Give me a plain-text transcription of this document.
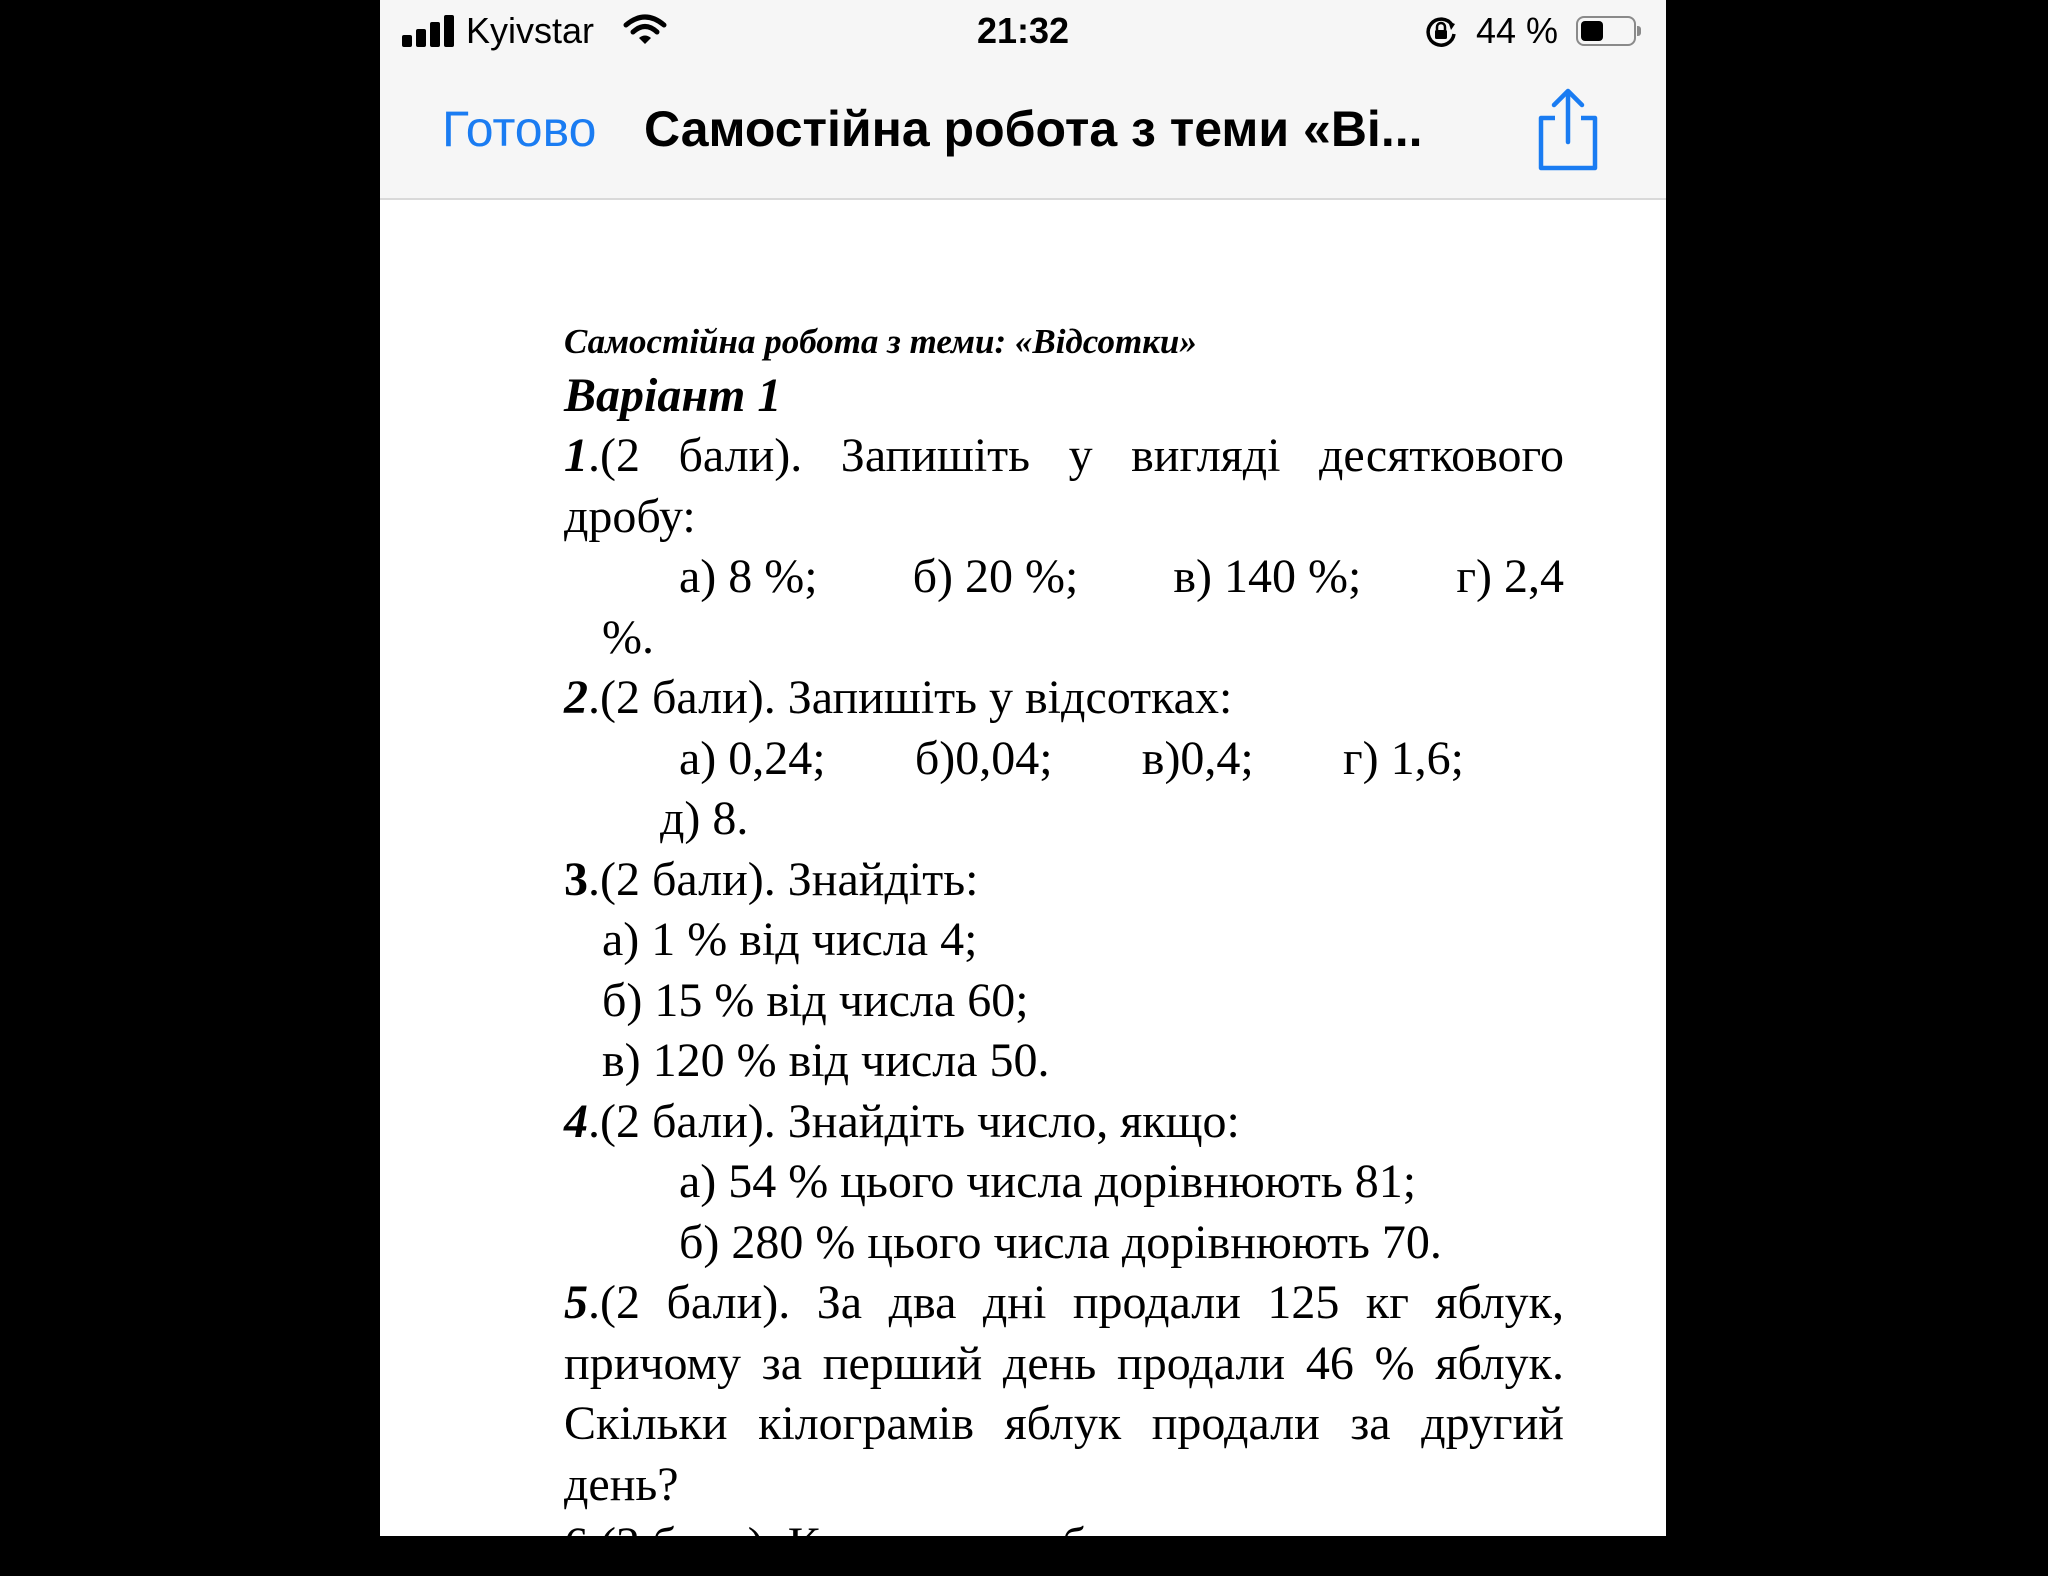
Kyivstar	21:32	44 %
Готово Самостійна робота з теми «Ві...

Самостійна робота з теми: «Відсотки»

Варіант 1

1.(2 бали). Запишіть у вигляді десяткового дробу:

а) 8 %; б) 20 %; в) 140 %; г) 2,4

%.

2.(2 бали). Запишіть у відсотках:

а) 0,24; б)0,04; в)0,4; г) 1,6;

д) 8.

3.(2 бали). Знайдіть:

а) 1 % від числа 4;

б) 15 % від числа 60;

в) 120 % від числа 50.

4.(2 бали). Знайдіть число, якщо:

а) 54 % цього числа дорівнюють 81;

б) 280 % цього числа дорівнюють 70.

5.(2 бали). За два дні продали 125 кг яблук, причому за перший день продали 46 % яблук. Скільки кілограмів яблук продали за другий день?

6.(2 бали). Кожного дня б...
